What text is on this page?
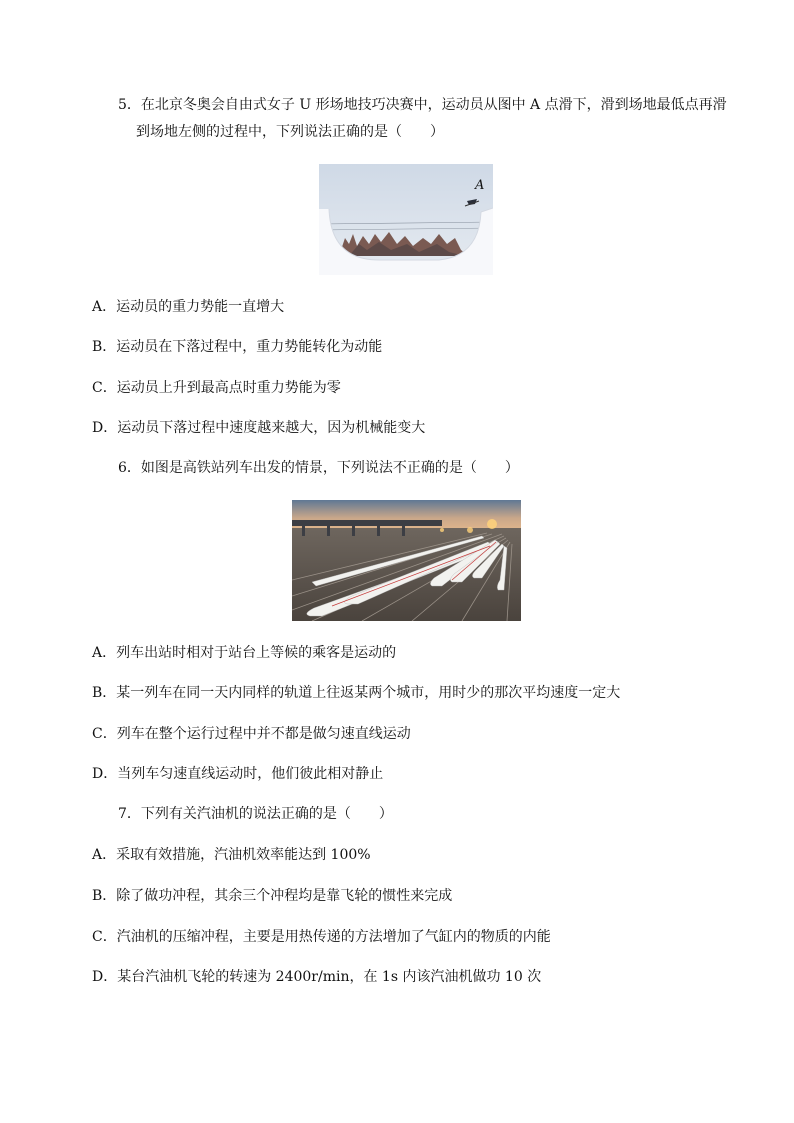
5．在北京冬奥会自由式女子 U 形场地技巧决赛中，运动员从图中 A 点滑下，滑到场地最低点再滑
到场地左侧的过程中，下列说法正确的是（　　）
A
A．运动员的重力势能一直增大
B．运动员在下落过程中，重力势能转化为动能
C．运动员上升到最高点时重力势能为零
D．运动员下落过程中速度越来越大，因为机械能变大
6．如图是高铁站列车出发的情景，下列说法不正确的是（　　）
A．列车出站时相对于站台上等候的乘客是运动的
B．某一列车在同一天内同样的轨道上往返某两个城市，用时少的那次平均速度一定大
C．列车在整个运行过程中并不都是做匀速直线运动
D．当列车匀速直线运动时，他们彼此相对静止
7．下列有关汽油机的说法正确的是（　　）
A．采取有效措施，汽油机效率能达到 100%
B．除了做功冲程，其余三个冲程均是靠飞轮的惯性来完成
C．汽油机的压缩冲程，主要是用热传递的方法增加了气缸内的物质的内能
D．某台汽油机飞轮的转速为 2400r/min，在 1s 内该汽油机做功 10 次
